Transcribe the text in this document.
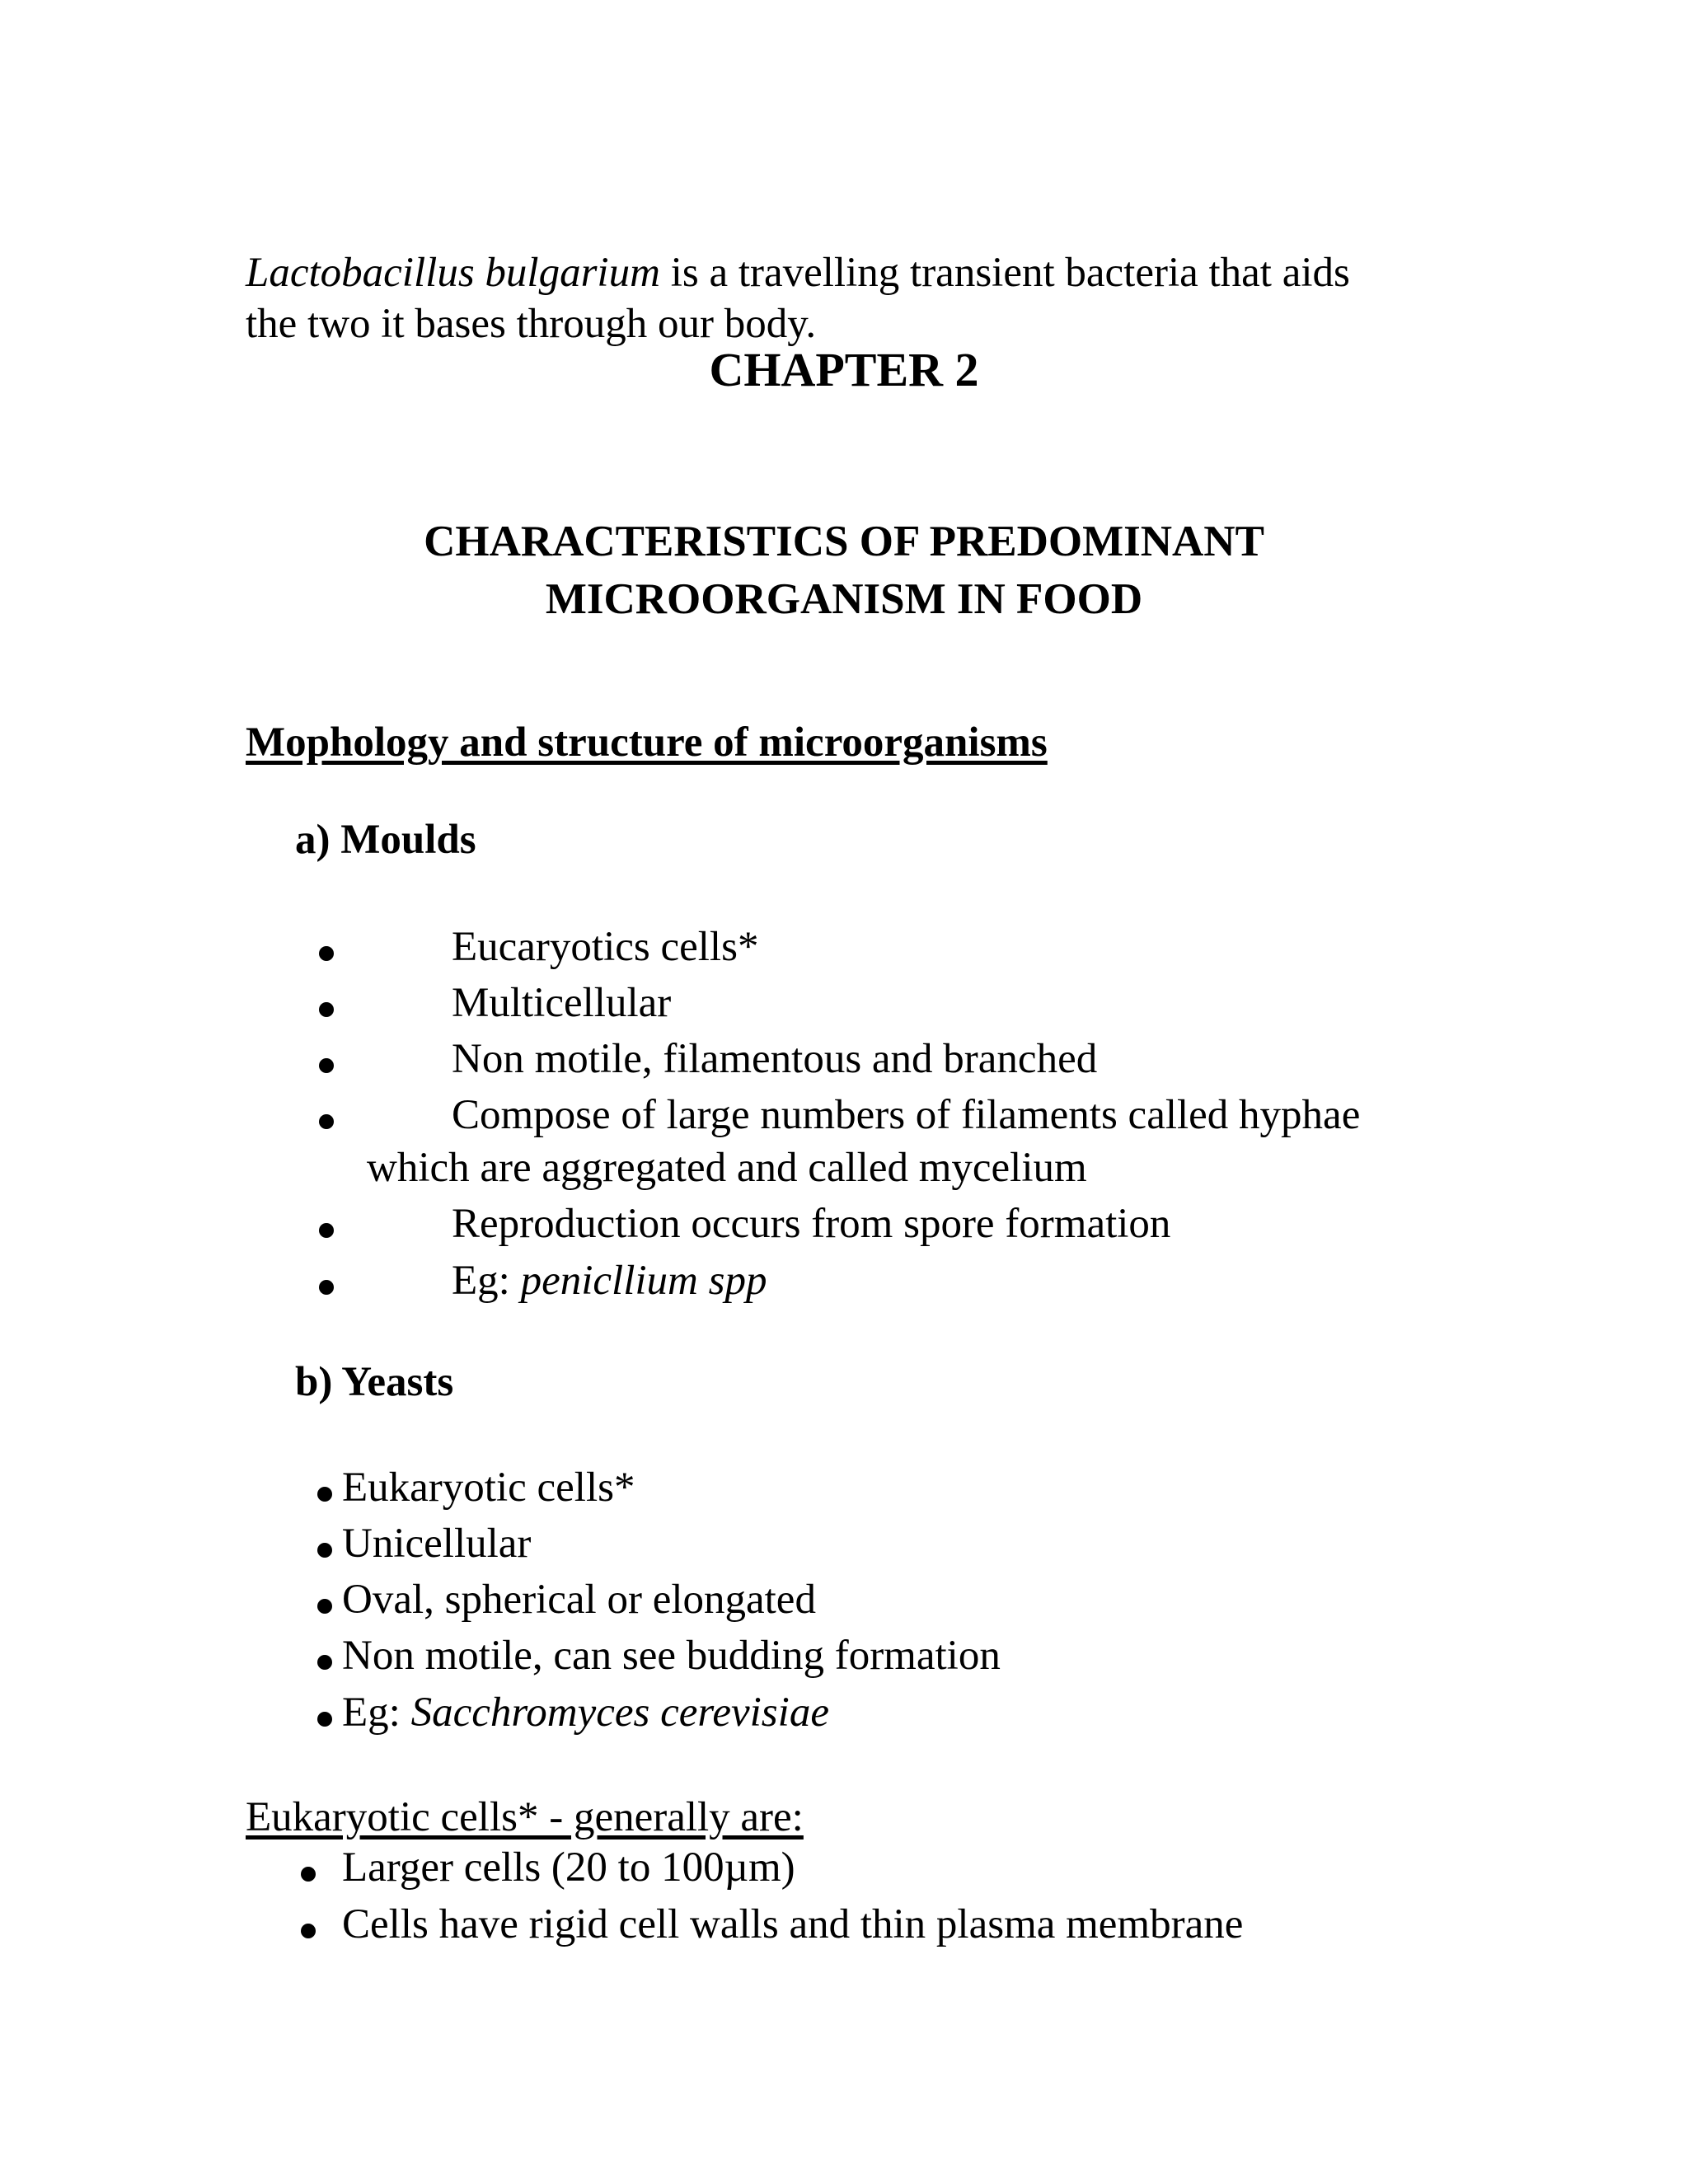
Lactobacillus bulgarium is a travelling transient bacteria that aids
the two it bases through our body.
CHAPTER 2
CHARACTERISTICS OF PREDOMINANT
MICROORGANISM IN FOOD
Mophology and structure of microorganisms
a) Moulds
Eucaryotics cells*
Multicellular
Non motile, filamentous and branched
Compose of large numbers of filaments called hyphae
which are aggregated and called mycelium
Reproduction occurs from spore formation
Eg: penicllium spp
b) Yeasts
Eukaryotic cells*
Unicellular
Oval, spherical or elongated
Non motile, can see budding formation
Eg: Sacchromyces cerevisiae
Eukaryotic cells* - generally are:
Larger cells (20 to 100µm)
Cells have rigid cell walls and thin plasma membrane
